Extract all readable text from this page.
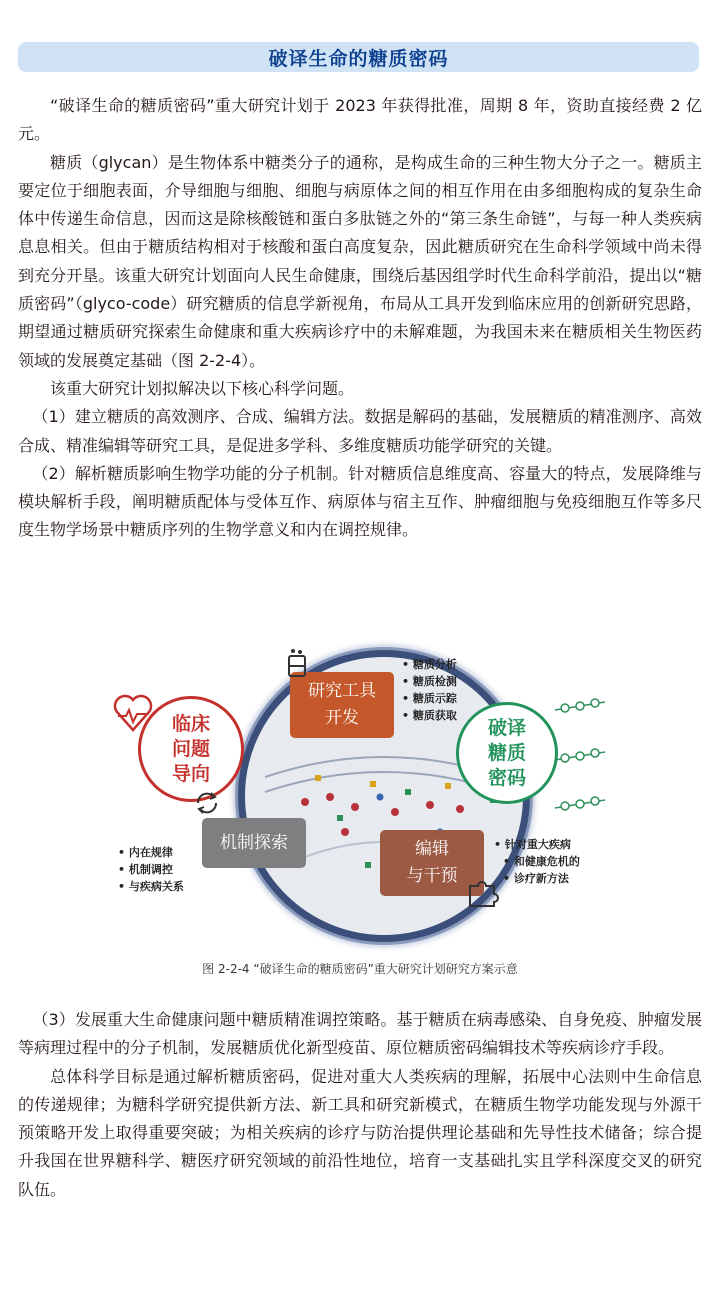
破译生命的糖质密码

“破译生命的糖质密码”重大研究计划于 2023 年获得批准，周期 8 年，资助直接经费 2 亿元。

糖质（glycan）是生物体系中糖类分子的通称，是构成生命的三种生物大分子之一。糖质主要定位于细胞表面，介导细胞与细胞、细胞与病原体之间的相互作用在由多细胞构成的复杂生命体中传递生命信息，因而这是除核酸链和蛋白多肽链之外的“第三条生命链”，与每一种人类疾病息息相关。但由于糖质结构相对于核酸和蛋白高度复杂，因此糖质研究在生命科学领域中尚未得到充分开垦。该重大研究计划面向人民生命健康，围绕后基因组学时代生命科学前沿，提出以“糖质密码”（glyco-code）研究糖质的信息学新视角，布局从工具开发到临床应用的创新研究思路，期望通过糖质研究探索生命健康和重大疾病诊疗中的未解难题，为我国未来在糖质相关生物医药领域的发展奠定基础（图 2-2-4）。

该重大研究计划拟解决以下核心科学问题。

（1）建立糖质的高效测序、合成、编辑方法。数据是解码的基础，发展糖质的精准测序、高效合成、精准编辑等研究工具，是促进多学科、多维度糖质功能学研究的关键。

（2）解析糖质影响生物学功能的分子机制。针对糖质信息维度高、容量大的特点，发展降维与模块解析手段，阐明糖质配体与受体互作、病原体与宿主互作、肿瘤细胞与免疫细胞互作等多尺度生物学场景中糖质序列的生物学意义和内在调控规律。

临床
问题
导向
研究工具
开发
• 糖质分析
• 糖质检测
• 糖质示踪
• 糖质获取
破译
糖质
密码
机制探索
• 内在规律
• 机制调控
• 与疾病关系
编辑
与干预
• 针对重大疾病
• 和健康危机的
• 诊疗新方法
图 2-2-4 “破译生命的糖质密码”重大研究计划研究方案示意

（3）发展重大生命健康问题中糖质精准调控策略。基于糖质在病毒感染、自身免疫、肿瘤发展等病理过程中的分子机制，发展糖质优化新型疫苗、原位糖质密码编辑技术等疾病诊疗手段。

总体科学目标是通过解析糖质密码，促进对重大人类疾病的理解，拓展中心法则中生命信息的传递规律；为糖科学研究提供新方法、新工具和研究新模式，在糖质生物学功能发现与外源干预策略开发上取得重要突破；为相关疾病的诊疗与防治提供理论基础和先导性技术储备；综合提升我国在世界糖科学、糖医疗研究领域的前沿性地位，培育一支基础扎实且学科深度交叉的研究队伍。
